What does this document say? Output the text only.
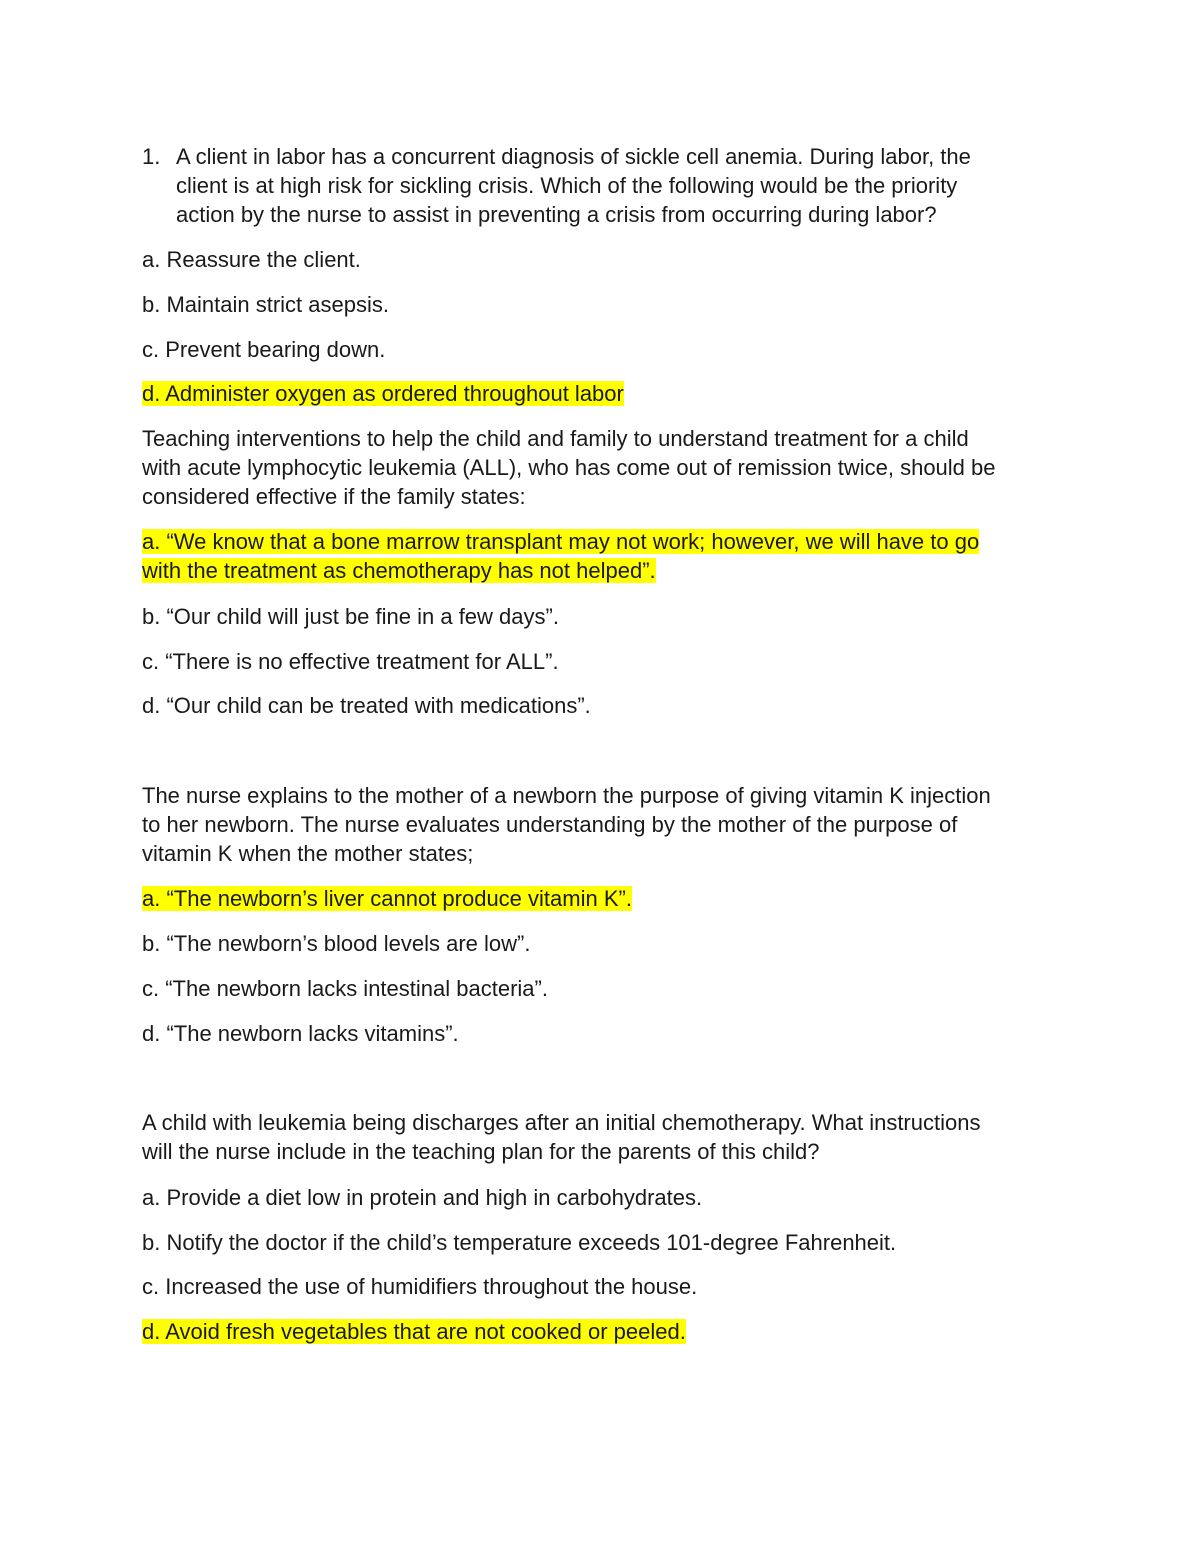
1. A client in labor has a concurrent diagnosis of sickle cell anemia. During labor, the
client is at high risk for sickling crisis. Which of the following would be the priority
action by the nurse to assist in preventing a crisis from occurring during labor?
a. Reassure the client.
b. Maintain strict asepsis.
c. Prevent bearing down.
d. Administer oxygen as ordered throughout labor
Teaching interventions to help the child and family to understand treatment for a child
with acute lymphocytic leukemia (ALL), who has come out of remission twice, should be
considered effective if the family states:
a. “We know that a bone marrow transplant may not work; however, we will have to go
with the treatment as chemotherapy has not helped”.
b. “Our child will just be fine in a few days”.
c. “There is no effective treatment for ALL”.
d. “Our child can be treated with medications”.
The nurse explains to the mother of a newborn the purpose of giving vitamin K injection
to her newborn. The nurse evaluates understanding by the mother of the purpose of
vitamin K when the mother states;
a. “The newborn’s liver cannot produce vitamin K”.
b. “The newborn’s blood levels are low”.
c. “The newborn lacks intestinal bacteria”.
d. “The newborn lacks vitamins”.
A child with leukemia being discharges after an initial chemotherapy. What instructions
will the nurse include in the teaching plan for the parents of this child?
a. Provide a diet low in protein and high in carbohydrates.
b. Notify the doctor if the child’s temperature exceeds 101-degree Fahrenheit.
c. Increased the use of humidifiers throughout the house.
d. Avoid fresh vegetables that are not cooked or peeled.
